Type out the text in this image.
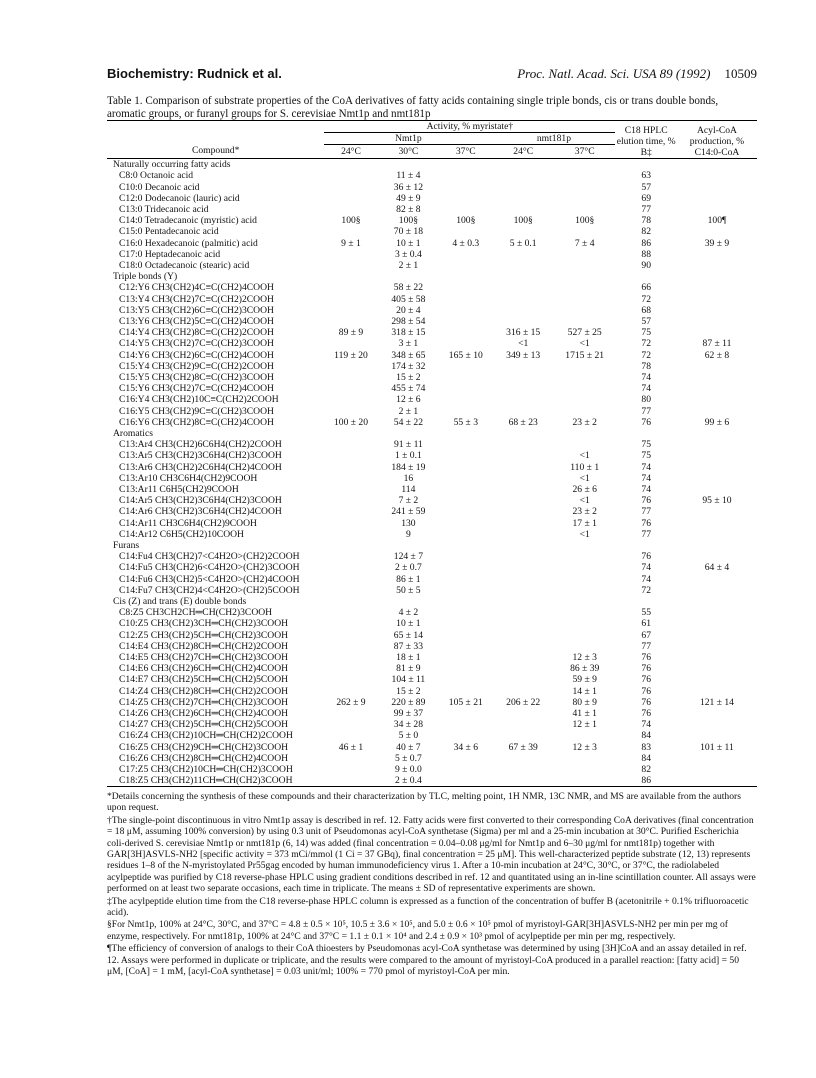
Biochemistry: Rudnick et al.	Proc. Natl. Acad. Sci. USA 89 (1992) 10509
Table 1. Comparison of substrate properties of the CoA derivatives of fatty acids containing single triple bonds, cis or trans double bonds, aromatic groups, or furanyl groups for S. cerevisiae Nmt1p and nmt181p
	Activity, % myristate†					C18 HPLC elution time, % B‡	Acyl-CoA production, % C14:0-CoA
	Nmt1p			nmt181p			
Compound*	24°C	30°C	37°C	24°C	37°C		
Naturally occurring fatty acids							
C8:0 Octanoic acid		11 ± 4				63	
C10:0 Decanoic acid		36 ± 12				57	
C12:0 Dodecanoic (lauric) acid		49 ± 9				69	
C13:0 Tridecanoic acid		82 ± 8				77	
C14:0 Tetradecanoic (myristic) acid	100§	100§	100§	100§	100§	78	100¶
C15:0 Pentadecanoic acid		70 ± 18				82	
C16:0 Hexadecanoic (palmitic) acid	9 ± 1	10 ± 1	4 ± 0.3	5 ± 0.1	7 ± 4	86	39 ± 9
C17:0 Heptadecanoic acid		3 ± 0.4				88	
C18:0 Octadecanoic (stearic) acid		2 ± 1				90	
Triple bonds (Y)							
C12:Y6 CH3(CH2)4C≡C(CH2)4COOH		58 ± 22				66	
C13:Y4 CH3(CH2)7C≡C(CH2)2COOH		405 ± 58				72	
C13:Y5 CH3(CH2)6C≡C(CH2)3COOH		20 ± 4				68	
C13:Y6 CH3(CH2)5C≡C(CH2)4COOH		298 ± 54				57	
C14:Y4 CH3(CH2)8C≡C(CH2)2COOH	89 ± 9	318 ± 15		316 ± 15	527 ± 25	75	
C14:Y5 CH3(CH2)7C≡C(CH2)3COOH		3 ± 1		<1	<1	72	87 ± 11
C14:Y6 CH3(CH2)6C≡C(CH2)4COOH	119 ± 20	348 ± 65	165 ± 10	349 ± 13	1715 ± 21	72	62 ± 8
C15:Y4 CH3(CH2)9C≡C(CH2)2COOH		174 ± 32				78	
C15:Y5 CH3(CH2)8C≡C(CH2)3COOH		15 ± 2				74	
C15:Y6 CH3(CH2)7C≡C(CH2)4COOH		455 ± 74				74	
C16:Y4 CH3(CH2)10C≡C(CH2)2COOH		12 ± 6				80	
C16:Y5 CH3(CH2)9C≡C(CH2)3COOH		2 ± 1				77	
C16:Y6 CH3(CH2)8C≡C(CH2)4COOH	100 ± 20	54 ± 22	55 ± 3	68 ± 23	23 ± 2	76	99 ± 6
Aromatics							
C13:Ar4 CH3(CH2)6C6H4(CH2)2COOH		91 ± 11				75	
C13:Ar5 CH3(CH2)3C6H4(CH2)3COOH		1 ± 0.1			<1	75	
C13:Ar6 CH3(CH2)2C6H4(CH2)4COOH		184 ± 19			110 ± 1	74	
C13:Ar10 CH3C6H4(CH2)9COOH		16			<1	74	
C13:Ar11 C6H5(CH2)9COOH		114			26 ± 6	74	
C14:Ar5 CH3(CH2)3C6H4(CH2)3COOH		7 ± 2			<1	76	95 ± 10
C14:Ar6 CH3(CH2)3C6H4(CH2)4COOH		241 ± 59			23 ± 2	77	
C14:Ar11 CH3C6H4(CH2)9COOH		130			17 ± 1	76	
C14:Ar12 C6H5(CH2)10COOH		9			<1	77	
Furans							
C14:Fu4 CH3(CH2)7<C4H2O>(CH2)2COOH		124 ± 7				76	
C14:Fu5 CH3(CH2)6<C4H2O>(CH2)3COOH		2 ± 0.7				74	64 ± 4
C14:Fu6 CH3(CH2)5<C4H2O>(CH2)4COOH		86 ± 1				74	
C14:Fu7 CH3(CH2)4<C4H2O>(CH2)5COOH		50 ± 5				72	
Cis (Z) and trans (E) double bonds							
C8:Z5 CH3CH2CH═CH(CH2)3COOH		4 ± 2				55	
C10:Z5 CH3(CH2)3CH═CH(CH2)3COOH		10 ± 1				61	
C12:Z5 CH3(CH2)5CH═CH(CH2)3COOH		65 ± 14				67	
C14:E4 CH3(CH2)8CH═CH(CH2)2COOH		87 ± 33				77	
C14:E5 CH3(CH2)7CH═CH(CH2)3COOH		18 ± 1			12 ± 3	76	
C14:E6 CH3(CH2)6CH═CH(CH2)4COOH		81 ± 9			86 ± 39	76	
C14:E7 CH3(CH2)5CH═CH(CH2)5COOH		104 ± 11			59 ± 9	76	
C14:Z4 CH3(CH2)8CH═CH(CH2)2COOH		15 ± 2			14 ± 1	76	
C14:Z5 CH3(CH2)7CH═CH(CH2)3COOH	262 ± 9	220 ± 89	105 ± 21	206 ± 22	80 ± 9	76	121 ± 14
C14:Z6 CH3(CH2)6CH═CH(CH2)4COOH		99 ± 37			41 ± 1	76	
C14:Z7 CH3(CH2)5CH═CH(CH2)5COOH		34 ± 28			12 ± 1	74	
C16:Z4 CH3(CH2)10CH═CH(CH2)2COOH		5 ± 0				84	
C16:Z5 CH3(CH2)9CH═CH(CH2)3COOH	46 ± 1	40 ± 7	34 ± 6	67 ± 39	12 ± 3	83	101 ± 11
C16:Z6 CH3(CH2)8CH═CH(CH2)4COOH		5 ± 0.7				84	
C17:Z5 CH3(CH2)10CH═CH(CH2)3COOH		9 ± 0.0				82	
C18:Z5 CH3(CH2)11CH═CH(CH2)3COOH		2 ± 0.4				86	

*Details concerning the synthesis of these compounds and their characterization by TLC, melting point, 1H NMR, 13C NMR, and MS are available from the authors upon request.

†The single-point discontinuous in vitro Nmt1p assay is described in ref. 12. Fatty acids were first converted to their corresponding CoA derivatives (final concentration = 18 μM, assuming 100% conversion) by using 0.3 unit of Pseudomonas acyl-CoA synthetase (Sigma) per ml and a 25-min incubation at 30°C. Purified Escherichia coli-derived S. cerevisiae Nmt1p or nmt181p (6, 14) was added (final concentration = 0.04–0.08 μg/ml for Nmt1p and 6–30 μg/ml for nmt181p) together with GAR[3H]ASVLS-NH2 [specific activity = 373 mCi/mmol (1 Ci = 37 GBq), final concentration = 25 μM]. This well-characterized peptide substrate (12, 13) represents residues 1–8 of the N-myristoylated Pr55gag encoded by human immunodeficiency virus 1. After a 10-min incubation at 24°C, 30°C, or 37°C, the radiolabeled acylpeptide was purified by C18 reverse-phase HPLC using gradient conditions described in ref. 12 and quantitated using an in-line scintillation counter. All assays were performed on at least two separate occasions, each time in triplicate. The means ± SD of representative experiments are shown.

‡The acylpeptide elution time from the C18 reverse-phase HPLC column is expressed as a function of the concentration of buffer B (acetonitrile + 0.1% trifluoroacetic acid).

§For Nmt1p, 100% at 24°C, 30°C, and 37°C = 4.8 ± 0.5 × 10⁵, 10.5 ± 3.6 × 10⁵, and 5.0 ± 0.6 × 10⁵ pmol of myristoyl-GAR[3H]ASVLS-NH2 per min per mg of enzyme, respectively. For nmt181p, 100% at 24°C and 37°C = 1.1 ± 0.1 × 10⁴ and 2.4 ± 0.9 × 10³ pmol of acylpeptide per min per mg, respectively.

¶The efficiency of conversion of analogs to their CoA thioesters by Pseudomonas acyl-CoA synthetase was determined by using [3H]CoA and an assay detailed in ref. 12. Assays were performed in duplicate or triplicate, and the results were compared to the amount of myristoyl-CoA produced in a parallel reaction: [fatty acid] = 50 μM, [CoA] = 1 mM, [acyl-CoA synthetase] = 0.03 unit/ml; 100% = 770 pmol of myristoyl-CoA per min.
